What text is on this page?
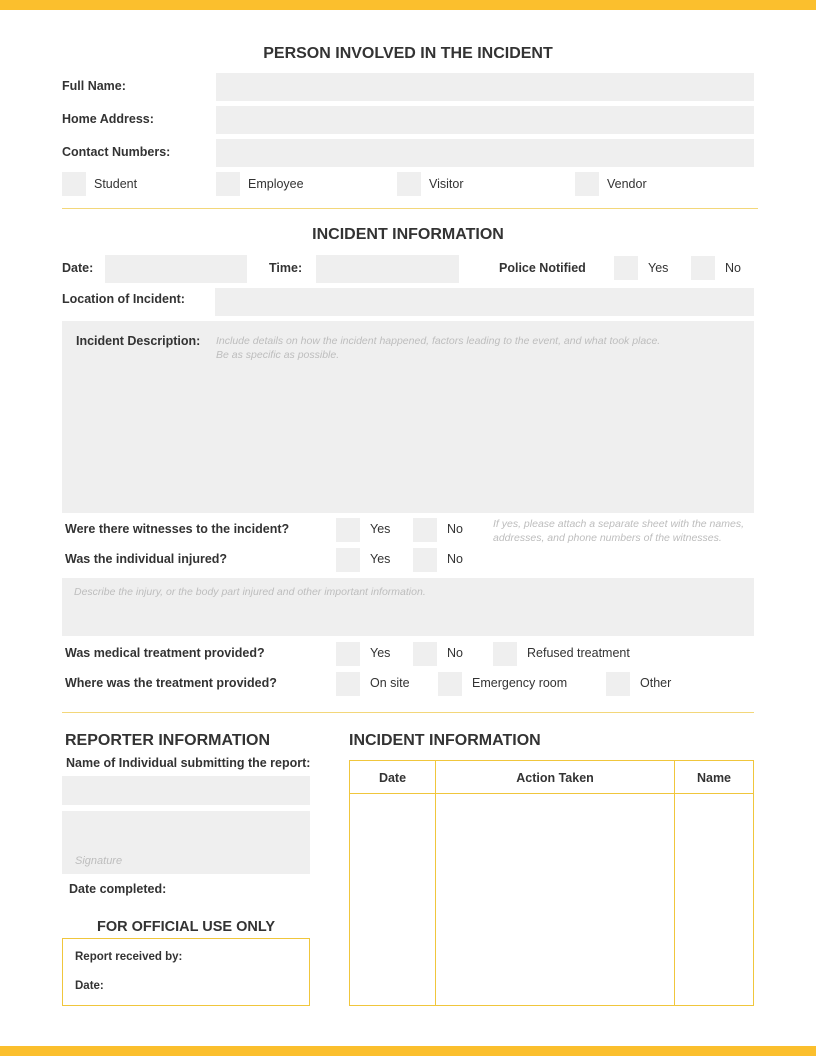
PERSON INVOLVED IN THE INCIDENT
Full Name:
Home Address:
Contact Numbers:
Student	Employee	Visitor	Vendor
INCIDENT INFORMATION
Date:	Time:	Police Notified	Yes	No
Location of Incident:
Incident Description: Include details on how the incident happened, factors leading to the event, and what took place.
Be as specific as possible.
Were there witnesses to the incident?	Yes	No	If yes, please attach a separate sheet with the names,
addresses, and phone numbers of the witnesses.
Was the individual injured?	Yes	No
Describe the injury, or the body part injured and other important information.
Was medical treatment provided?	Yes	No	Refused treatment
Where was the treatment provided?	On site	Emergency room	Other
REPORTER INFORMATION
Name of Individual submitting the report:
Signature
Date completed:
FOR OFFICIAL USE ONLY
Report received by:
Date:
INCIDENT INFORMATION
Date	Action Taken	Name
